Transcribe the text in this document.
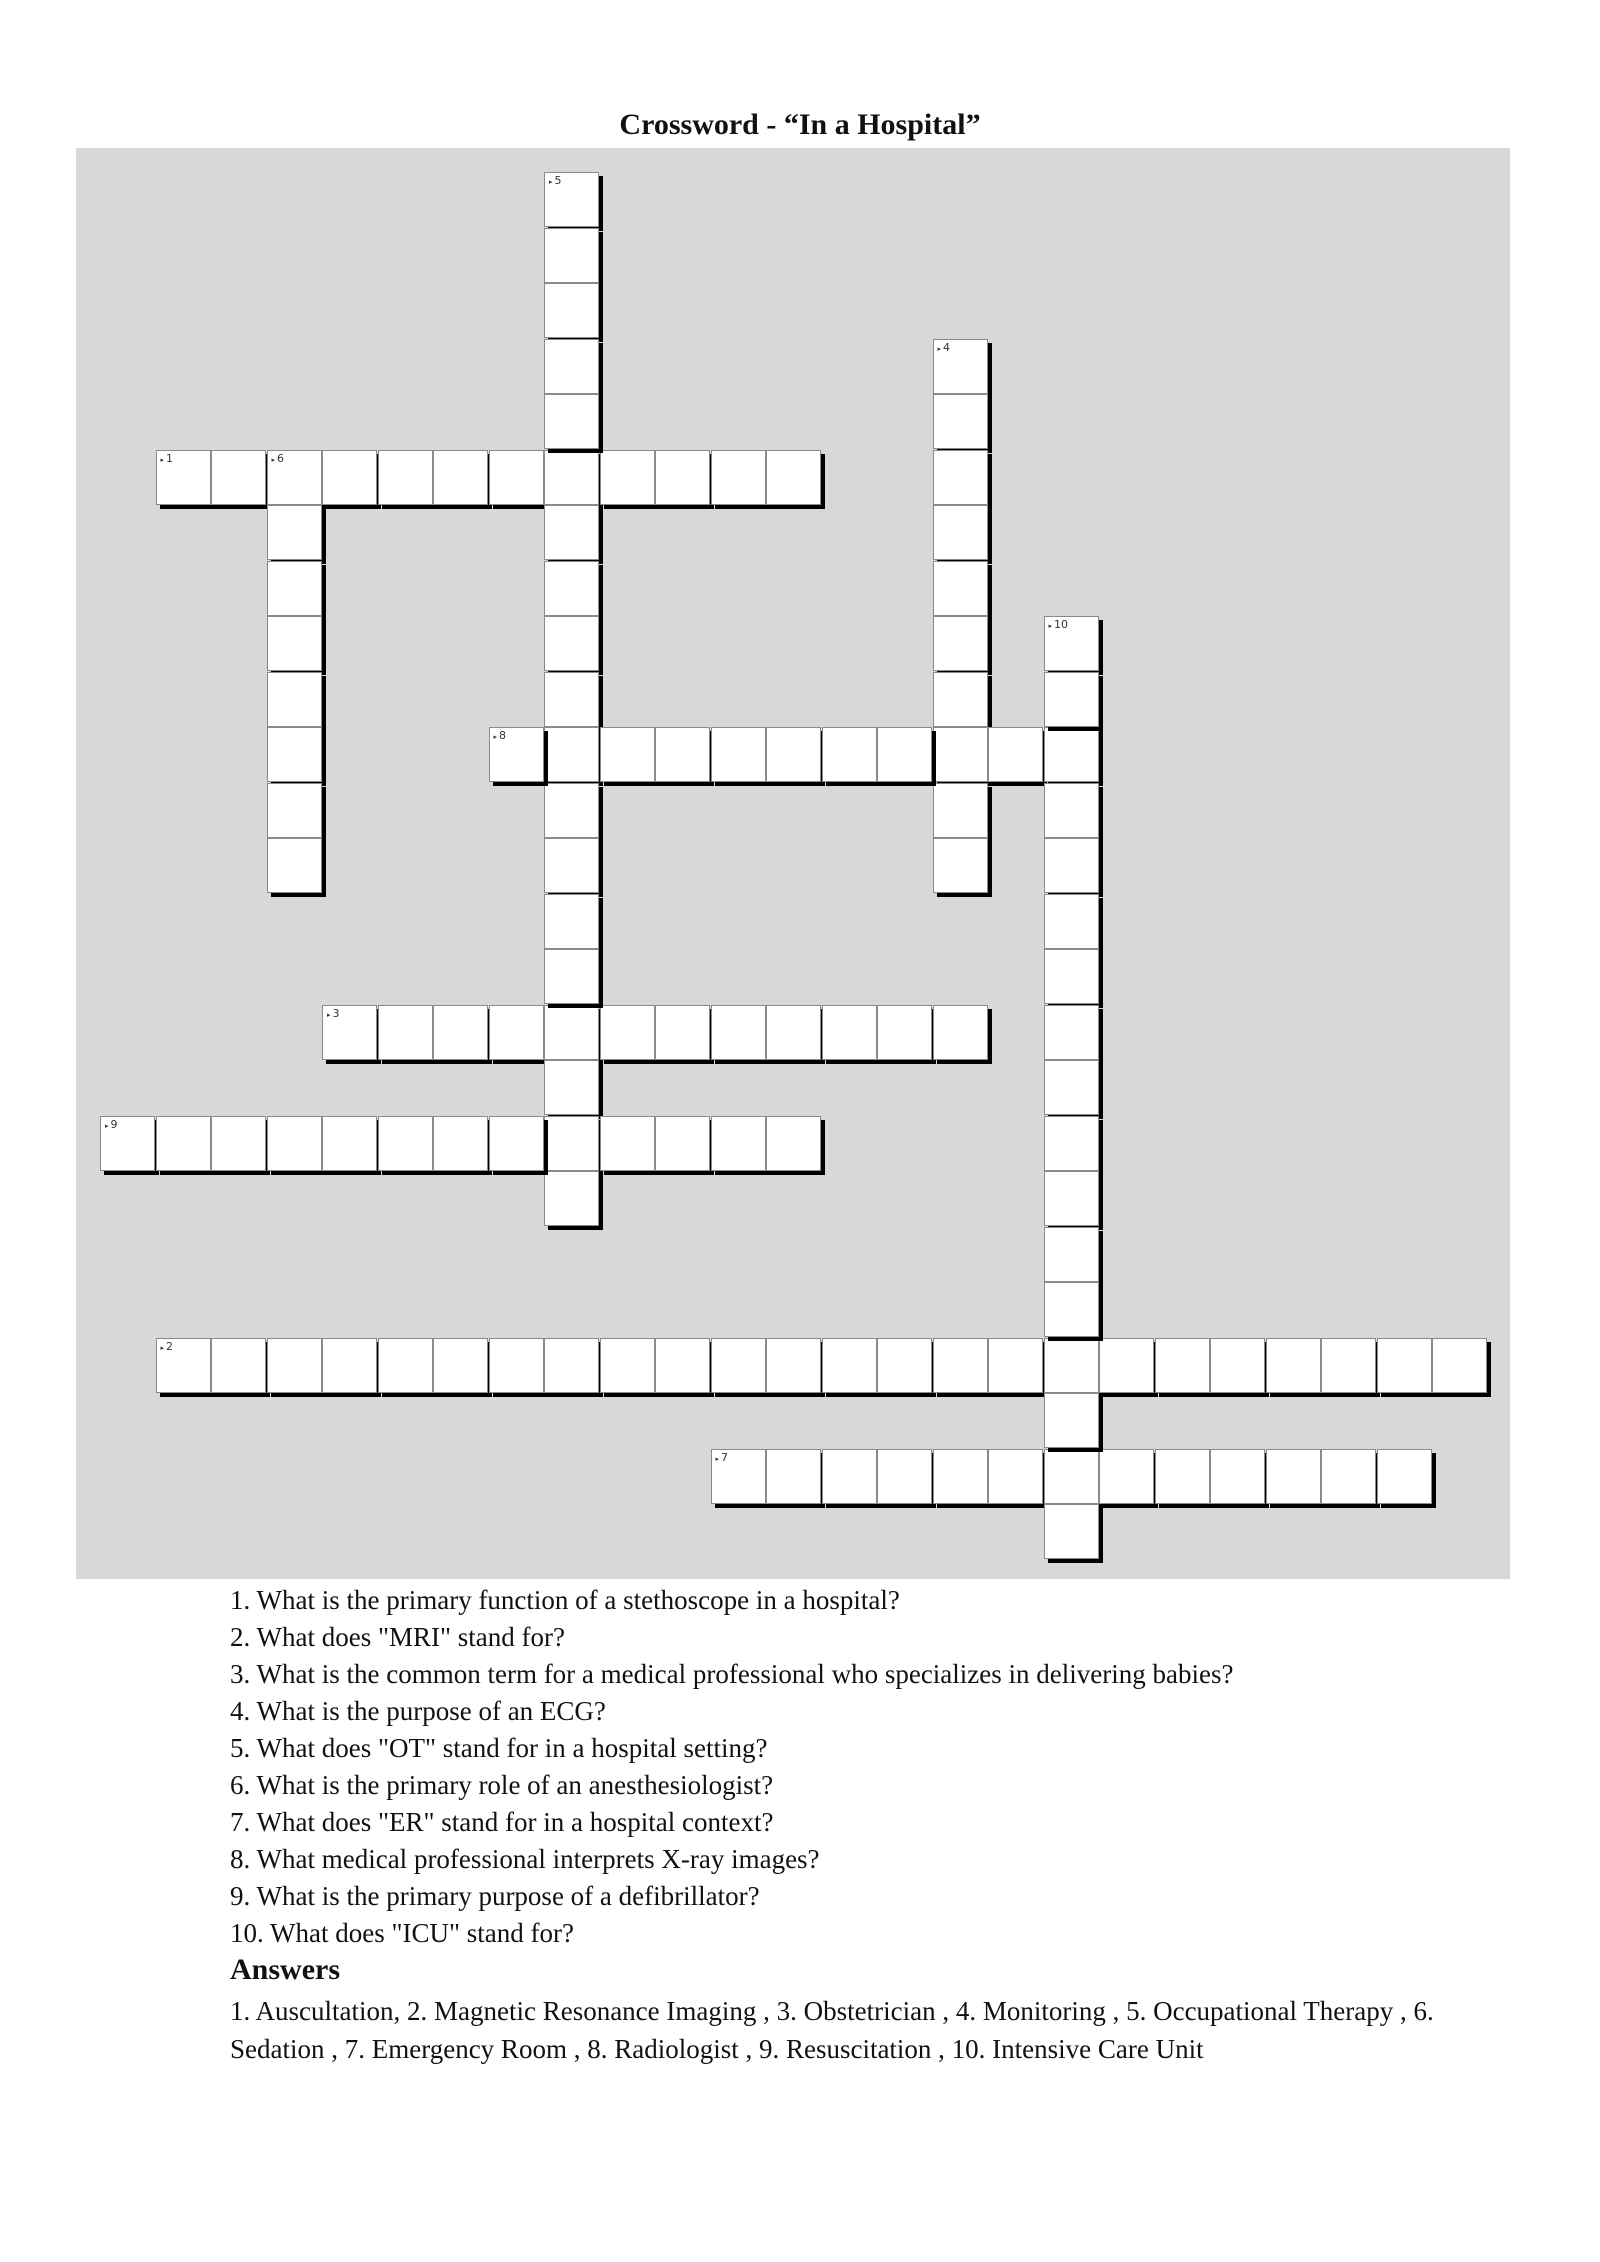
Crossword - “In a Hospital”
▸ 1	▸ 6
▸ 2
▸ 3
▸ 4
▸ 5
▸ 7
▸ 8
▸ 9
▸ 10

1. What is the primary function of a stethoscope in a hospital?

2. What does "MRI" stand for?

3. What is the common term for a medical professional who specializes in delivering babies?

4. What is the purpose of an ECG?

5. What does "OT" stand for in a hospital setting?

6. What is the primary role of an anesthesiologist?

7. What does "ER" stand for in a hospital context?

8. What medical professional interprets X-ray images?

9. What is the primary purpose of a defibrillator?

10. What does "ICU" stand for?

Answers
1. Auscultation, 2. Magnetic Resonance Imaging , 3. Obstetrician , 4. Monitoring , 5. Occupational Therapy , 6. Sedation , 7. Emergency Room , 8. Radiologist , 9. Resuscitation , 10. Intensive Care Unit
